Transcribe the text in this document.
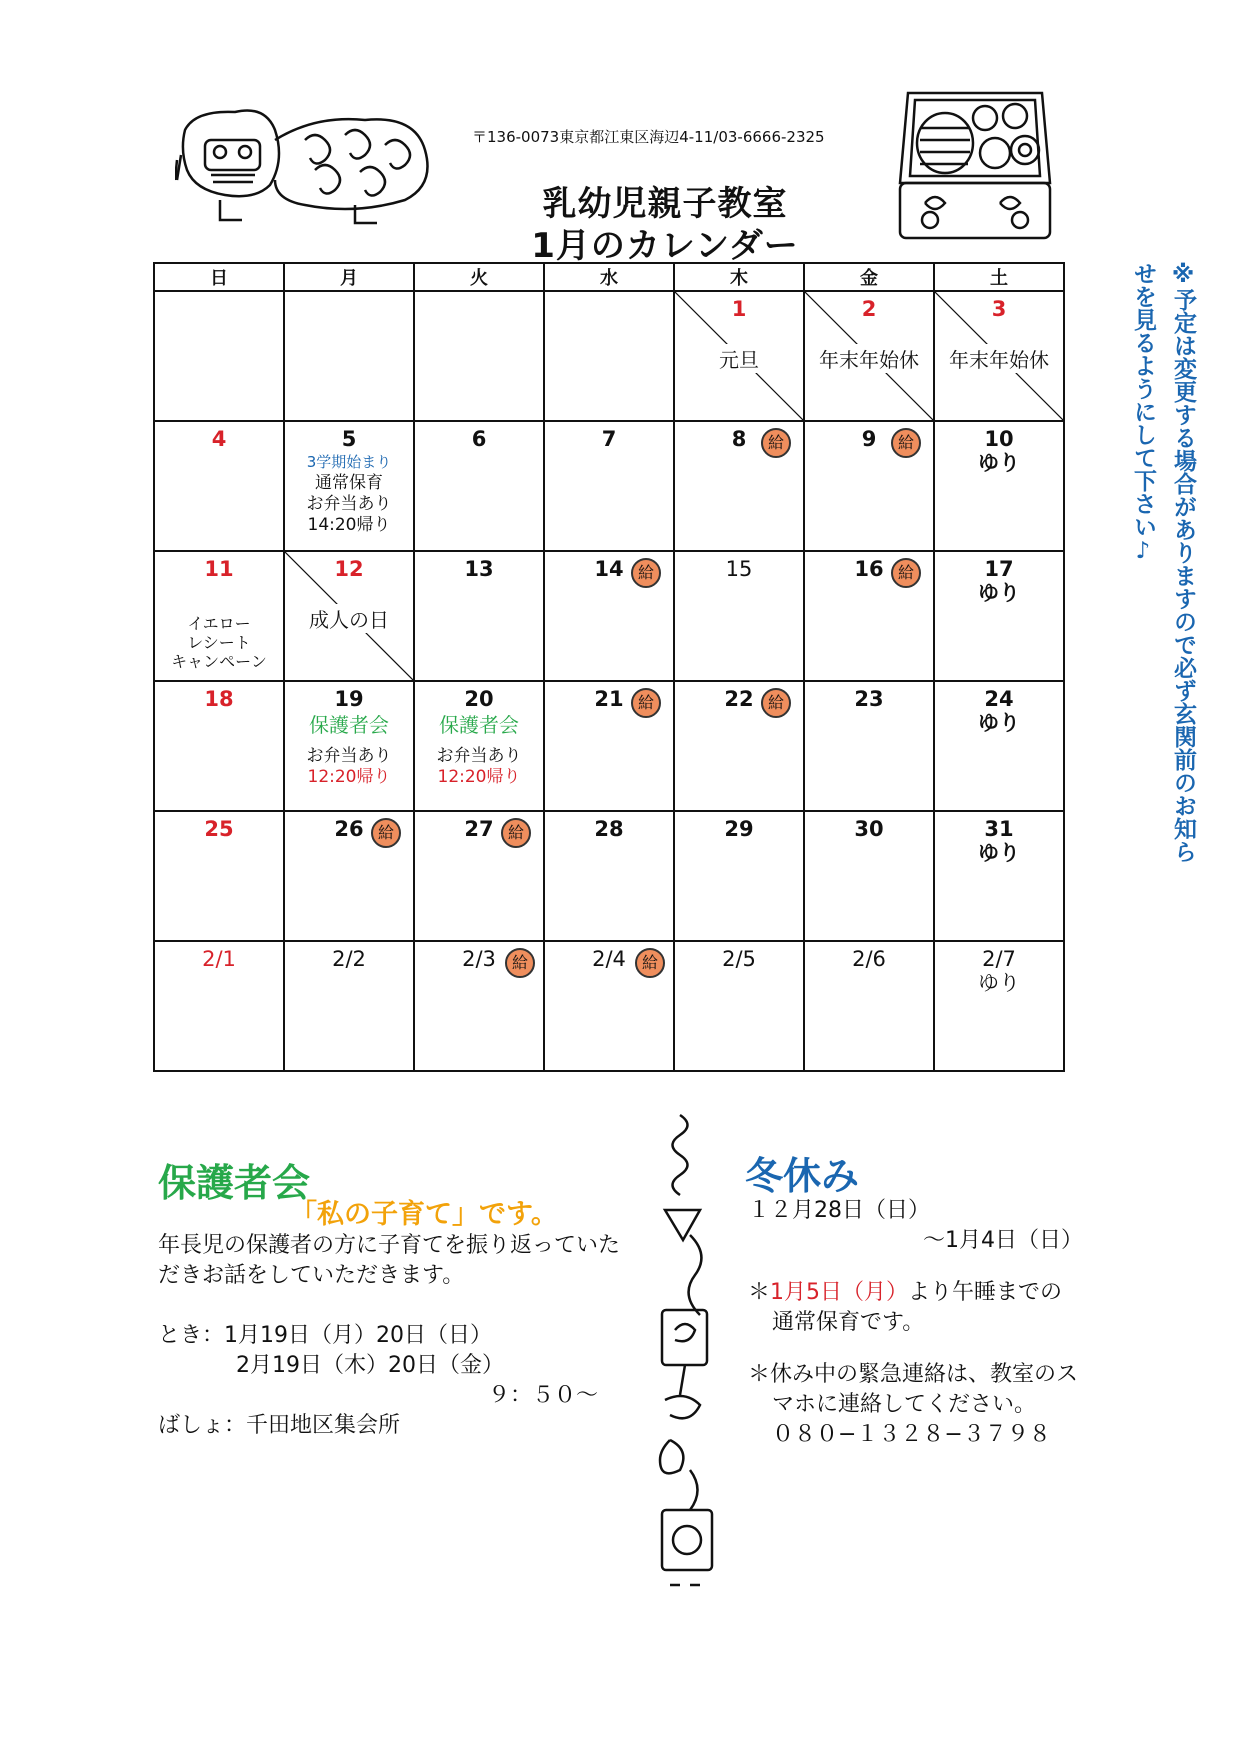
〒136-0073東京都江東区海辺4-11/03-6666-2325
乳幼児親子教室
1月のカレンダー
※予定は変更する場合がありますので必ず玄関前のお知らせを見るようにして下さい♪
日	月	火	水	木	金	土

				1
元旦	2
年末年始休	3
年末年始休

4	5
3学期始まり
通常保育
お弁当あり
14:20帰り	6	7	8 給	9 給	10
ゆり

11
イエロー
レシート
キャンペーン	12
成人の日	13	14 給	15	16 給	17
ゆり

18	19
保護者会
お弁当あり
12:20帰り	20
保護者会
お弁当あり
12:20帰り	21 給	22 給	23	24
ゆり

25	26 給	27 給	28	29	30	31
ゆり

2/1	2/2	2/3 給	2/4 給	2/5	2/6	2/7
ゆり
保護者会
「私の子育て」です。
年長児の保護者の方に子育てを振り返っていただきお話をしていただきます。
とき：1月19日（月）20日（日）
2月19日（木）20日（金）
９：５０〜
ばしょ：千田地区集会所
冬休み
１２月28日（日）
〜1月4日（日）
＊1月5日（月）より午睡までの
通常保育です。
＊休み中の緊急連絡は、教室のス
マホに連絡してください。
０８０−１３２８−３７９８
